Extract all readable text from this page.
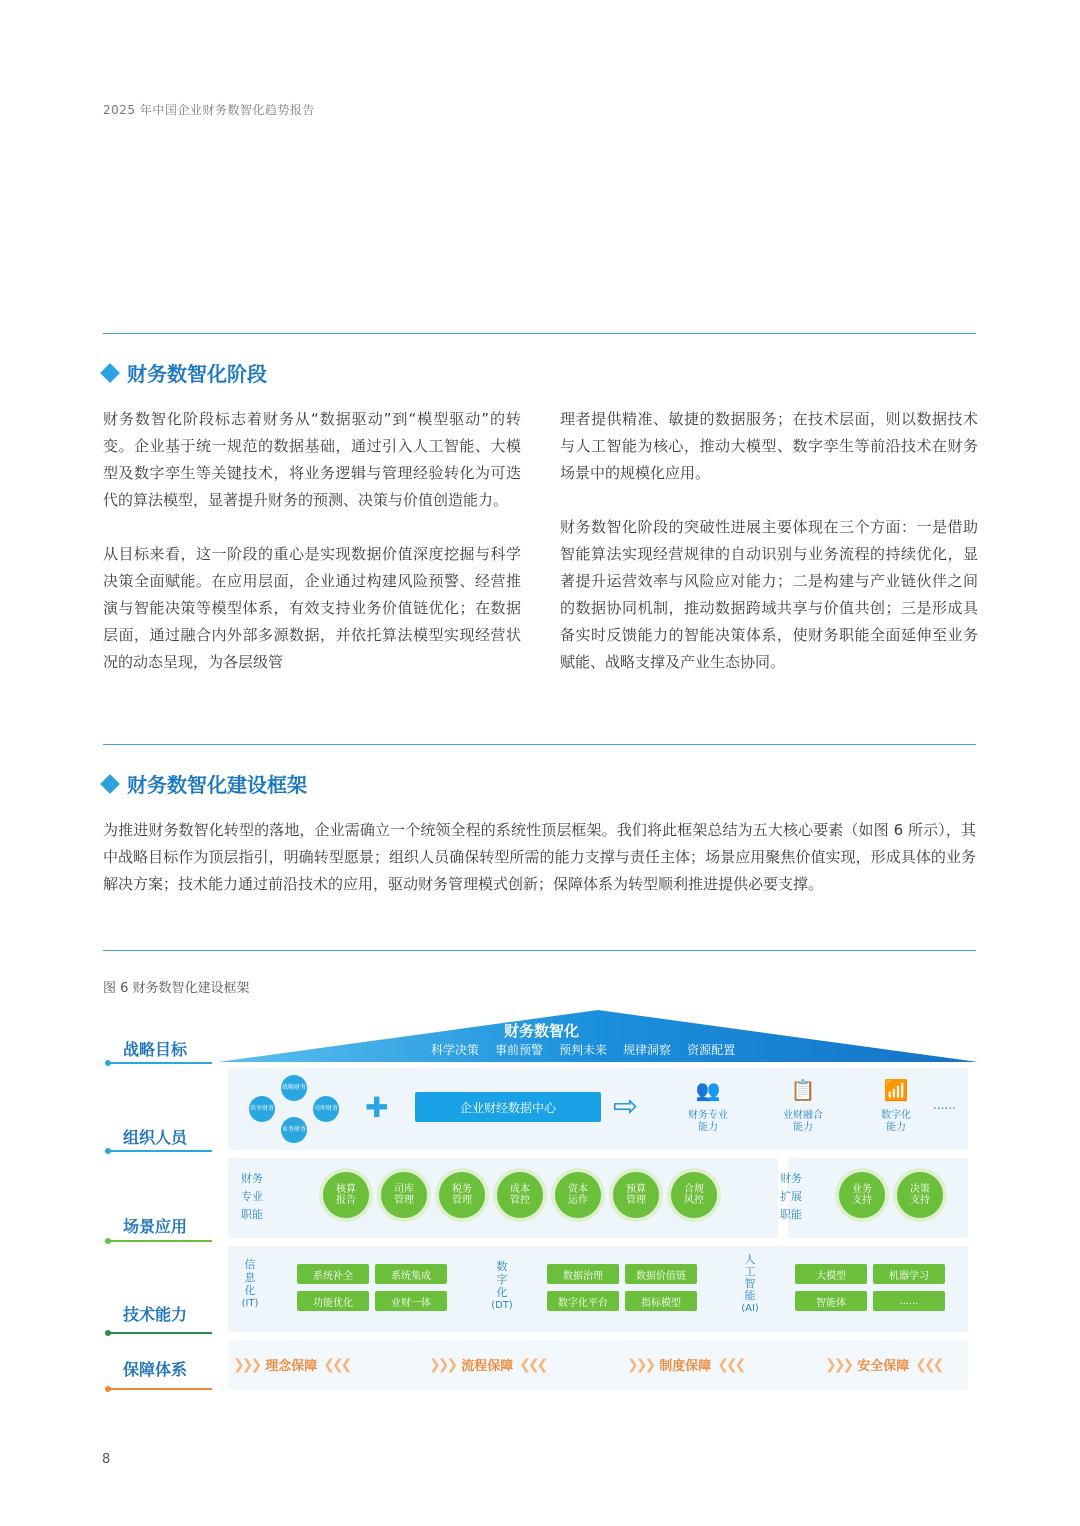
2025 年中国企业财务数智化趋势报告
财务数智化阶段

财务数智化阶段标志着财务从“数据驱动”到“模型驱动”的转变。企业基于统一规范的数据基础，通过引入人工智能、大模型及数字孪生等关键技术，将业务逻辑与管理经验转化为可迭代的算法模型，显著提升财务的预测、决策与价值创造能力。

从目标来看，这一阶段的重心是实现数据价值深度挖掘与科学决策全面赋能。在应用层面，企业通过构建风险预警、经营推演与智能决策等模型体系，有效支持业务价值链优化；在数据层面，通过融合内外部多源数据，并依托算法模型实现经营状况的动态呈现，为各层级管

理者提供精准、敏捷的数据服务；在技术层面，则以数据技术与人工智能为核心，推动大模型、数字孪生等前沿技术在财务场景中的规模化应用。

财务数智化阶段的突破性进展主要体现在三个方面：一是借助智能算法实现经营规律的自动识别与业务流程的持续优化，显著提升运营效率与风险应对能力；二是构建与产业链伙伴之间的数据协同机制，推动数据跨域共享与价值共创；三是形成具备实时反馈能力的智能决策体系，使财务职能全面延伸至业务赋能、战略支撑及产业生态协同。

财务数智化建设框架
为推进财务数智化转型的落地，企业需确立一个统领全程的系统性顶层框架。我们将此框架总结为五大核心要素（如图 6 所示），其中战略目标作为顶层指引，明确转型愿景；组织人员确保转型所需的能力支撑与责任主体；场景应用聚焦价值实现，形成具体的业务解决方案；技术能力通过前沿技术的应用，驱动财务管理模式创新；保障体系为转型顺利推进提供必要支撑。
图 6 财务数智化建设框架
战略目标
组织人员
场景应用
技术能力
保障体系
财务数智化
科学决策 事前预警 预判未来 规律洞察 资源配置
战略财务
共享财务	司库财务
业务财务
✚	企业财经数据中心	⇨	👥
财务专业能力
📋
业财融合能力
📶
数字化能力
......
财务专业职能
核算报告
司库管理
税务管理
成本管控
资本运作
预算管理
合规风控
财务扩展职能
业务支持
决策支持
信息化
(IT)
系统补全	系统集成
功能优化	业财一体
数字化
(DT)
数据治理	数据价值链
数字化平台	指标模型
人工智能
(AI)
大模型	机器学习
智能体	......
❯❯❯ 理念保障 ❮❮❮	❯❯❯ 流程保障 ❮❮❮	❯❯❯ 制度保障 ❮❮❮	❯❯❯ 安全保障 ❮❮❮
8
